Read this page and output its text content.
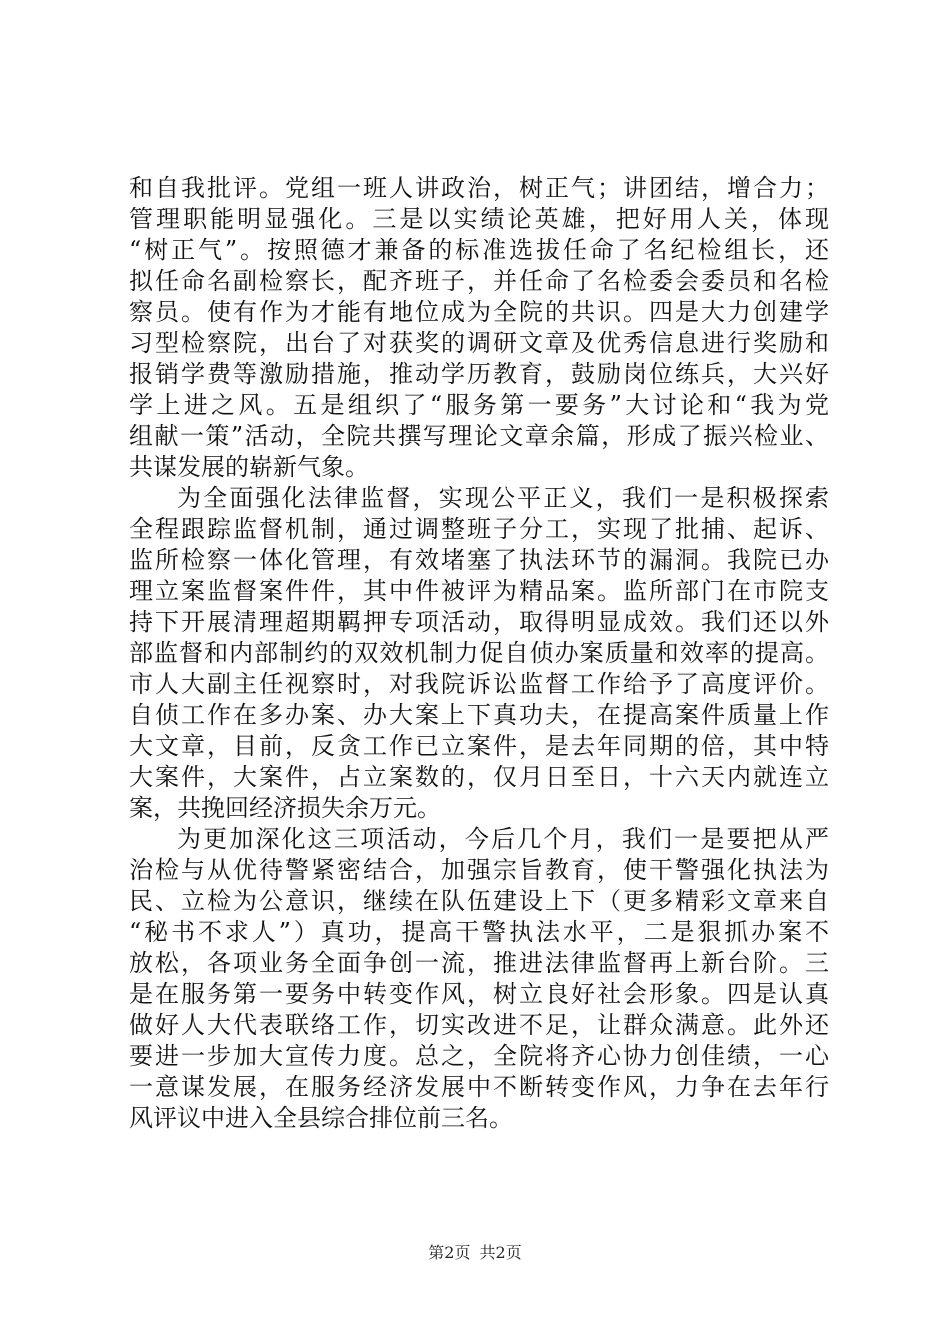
和自我批评。党组一班人讲政治，树正气；讲团结，增合力；
管理职能明显强化。三是以实绩论英雄，把好用人关，体现
“树正气”。按照德才兼备的标准选拔任命了名纪检组长，还
拟任命名副检察长，配齐班子，并任命了名检委会委员和名检
察员。使有作为才能有地位成为全院的共识。四是大力创建学
习型检察院，出台了对获奖的调研文章及优秀信息进行奖励和
报销学费等激励措施，推动学历教育，鼓励岗位练兵，大兴好
学上进之风。五是组织了“服务第一要务”大讨论和“我为党
组献一策”活动，全院共撰写理论文章余篇，形成了振兴检业、
共谋发展的崭新气象。
为全面强化法律监督，实现公平正义，我们一是积极探索
全程跟踪监督机制，通过调整班子分工，实现了批捕、起诉、
监所检察一体化管理，有效堵塞了执法环节的漏洞。我院已办
理立案监督案件件，其中件被评为精品案。监所部门在市院支
持下开展清理超期羁押专项活动，取得明显成效。我们还以外
部监督和内部制约的双效机制力促自侦办案质量和效率的提高。
市人大副主任视察时，对我院诉讼监督工作给予了高度评价。
自侦工作在多办案、办大案上下真功夫，在提高案件质量上作
大文章，目前，反贪工作已立案件，是去年同期的倍，其中特
大案件，大案件，占立案数的，仅月日至日，十六天内就连立
案，共挽回经济损失余万元。
为更加深化这三项活动，今后几个月，我们一是要把从严
治检与从优待警紧密结合，加强宗旨教育，使干警强化执法为
民、立检为公意识，继续在队伍建设上下（更多精彩文章来自
“秘书不求人”）真功，提高干警执法水平，二是狠抓办案不
放松，各项业务全面争创一流，推进法律监督再上新台阶。三
是在服务第一要务中转变作风，树立良好社会形象。四是认真
做好人大代表联络工作，切实改进不足，让群众满意。此外还
要进一步加大宣传力度。总之，全院将齐心协力创佳绩，一心
一意谋发展，在服务经济发展中不断转变作风，力争在去年行
风评议中进入全县综合排位前三名。
第2页 共2页
